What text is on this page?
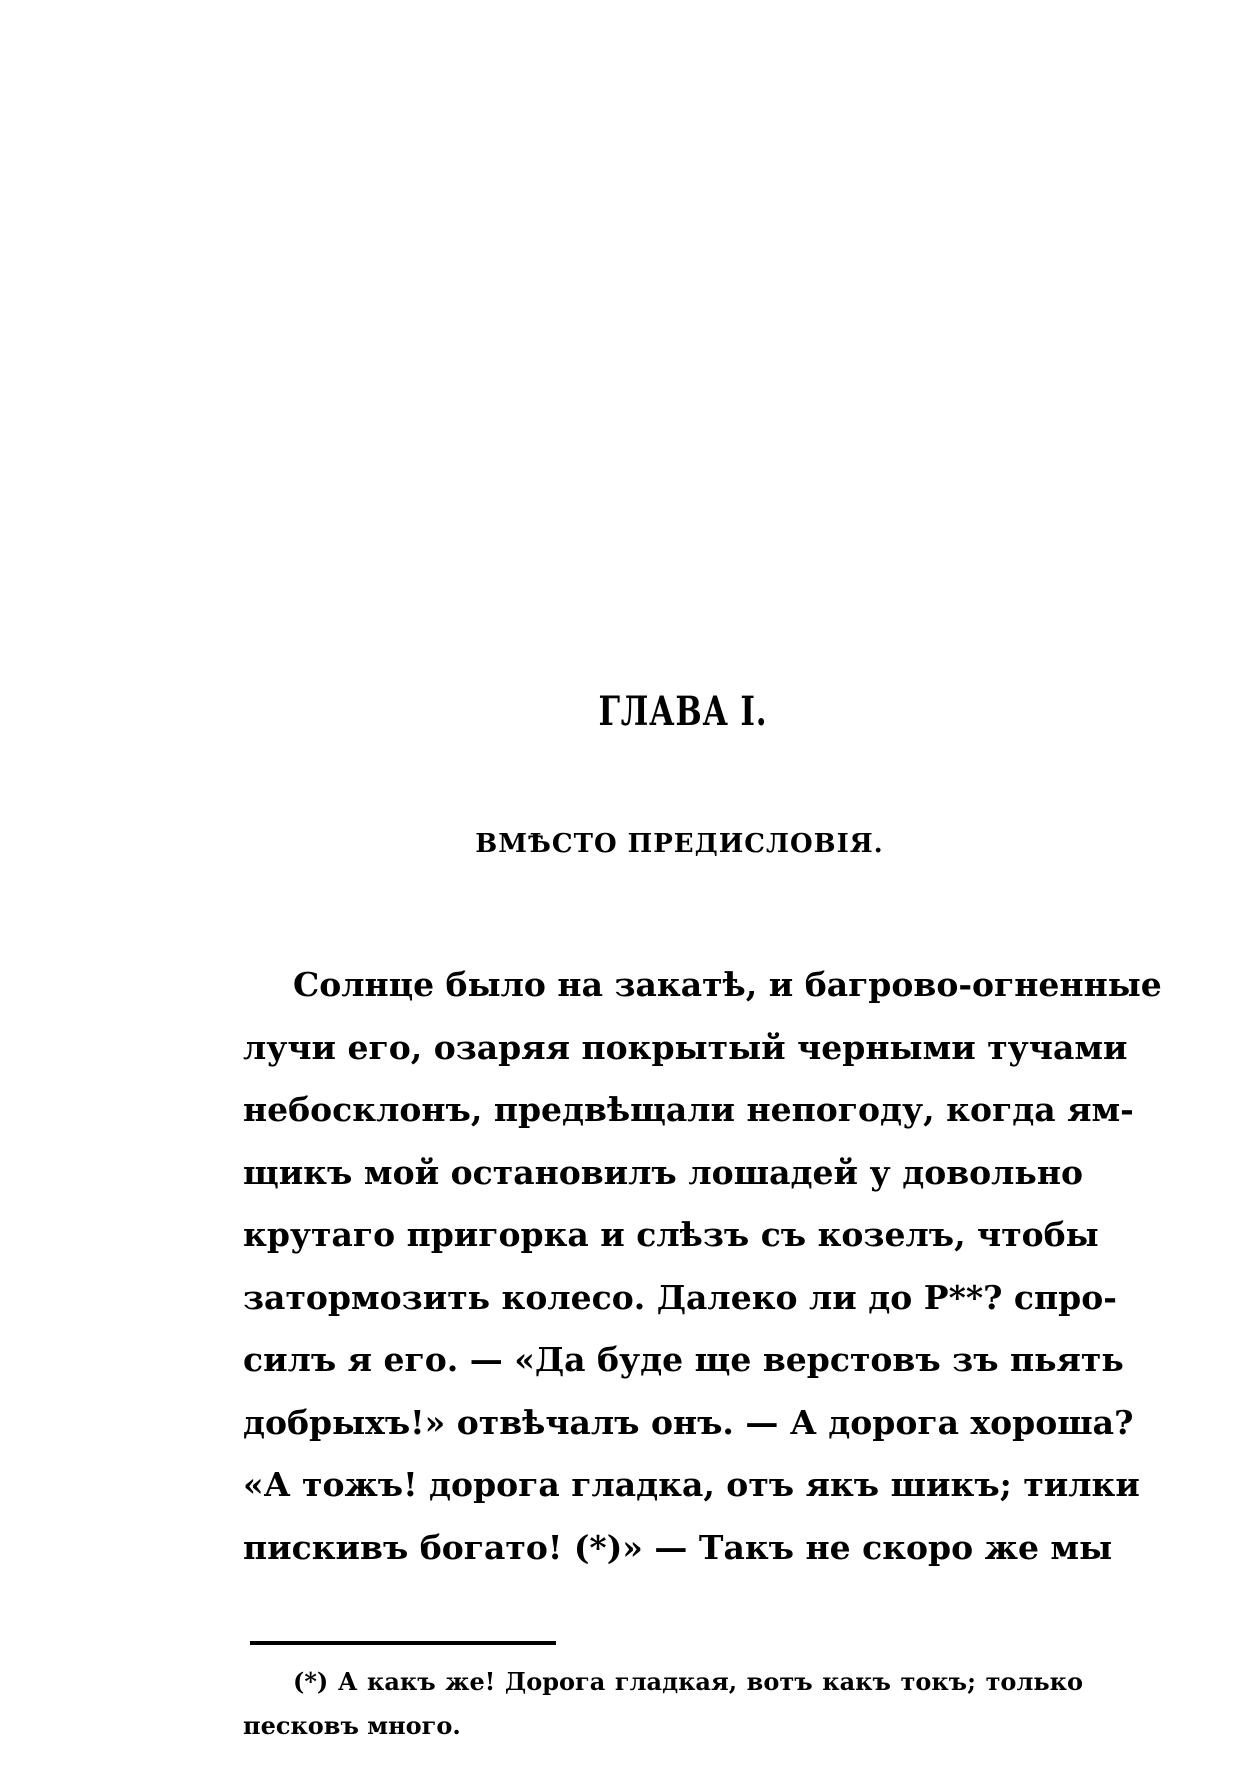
ГЛАВА I.
ВМѢСТО ПРЕДИСЛОВІЯ.
Солнце было на закатѣ, и багрово-огненные
лучи его, озаряя покрытый черными тучами
небосклонъ, предвѣщали непогоду, когда ям-
щикъ мой остановилъ лошадей у довольно
крутаго пригорка и слѣзъ съ козелъ, чтобы
затормозить колесо. Далеко ли до Р**? спро-
силъ я его. — «Да буде ще верстовъ зъ пьять
добрыхъ!» отвѣчалъ онъ. — А дорога хороша?
«А тожъ! дорога гладка, отъ якъ шикъ; тилки
пискивъ богато! (*)» — Такъ не скоро же мы
(*) А какъ же! Дорога гладкая, вотъ какъ токъ; только
песковъ много.
